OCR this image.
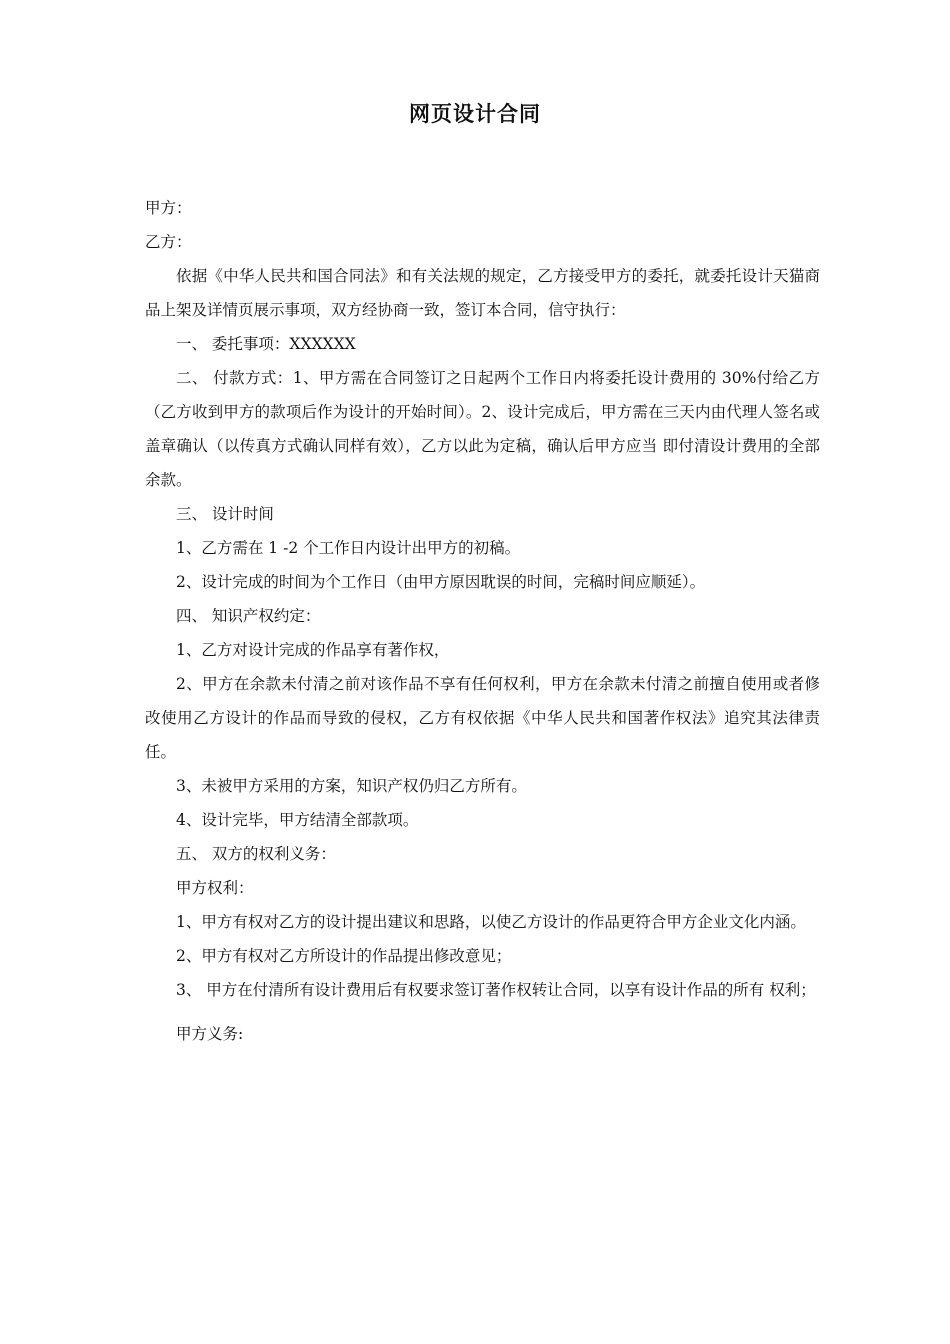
网页设计合同

甲方：

乙方：

依据《中华人民共和国合同法》和有关法规的规定，乙方接受甲方的委托，就委托设计天猫商品上架及详情页展示事项，双方经协商一致，签订本合同，信守执行：

一、 委托事项：XXXXXX

二、 付款方式：1、甲方需在合同签订之日起两个工作日内将委托设计费用的 30%付给乙方（乙方收到甲方的款项后作为设计的开始时间）。2、设计完成后，甲方需在三天内由代理人签名或盖章确认（以传真方式确认同样有效），乙方以此为定稿，确认后甲方应当 即付清设计费用的全部余款。

三、 设计时间

1、乙方需在 1 -2 个工作日内设计出甲方的初稿。

2、设计完成的时间为个工作日（由甲方原因耽误的时间，完稿时间应顺延）。

四、 知识产权约定：

1、乙方对设计完成的作品享有著作权，

2、甲方在余款未付清之前对该作品不享有任何权利，甲方在余款未付清之前擅自使用或者修改使用乙方设计的作品而导致的侵权，乙方有权依据《中华人民共和国著作权法》追究其法律责任。

3、未被甲方采用的方案，知识产权仍归乙方所有。

4、设计完毕，甲方结清全部款项。

五、 双方的权利义务：

甲方权利：

1、甲方有权对乙方的设计提出建议和思路，以使乙方设计的作品更符合甲方企业文化内涵。

2、甲方有权对乙方所设计的作品提出修改意见；

3、 甲方在付清所有设计费用后有权要求签订著作权转让合同，以享有设计作品的所有 权利；

甲方义务:
